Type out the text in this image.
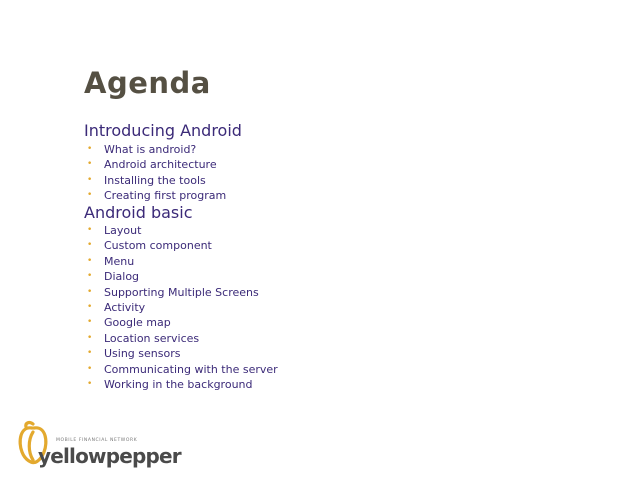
Agenda
Introducing Android
• What is android?
• Android architecture
• Installing the tools
• Creating first program
Android basic
• Layout
• Custom component
• Menu
• Dialog
• Supporting Multiple Screens
• Activity
• Google map
• Location services
• Using sensors
• Communicating with the server
• Working in the background
MOBILE FINANCIAL NETWORK
yellowpepper
